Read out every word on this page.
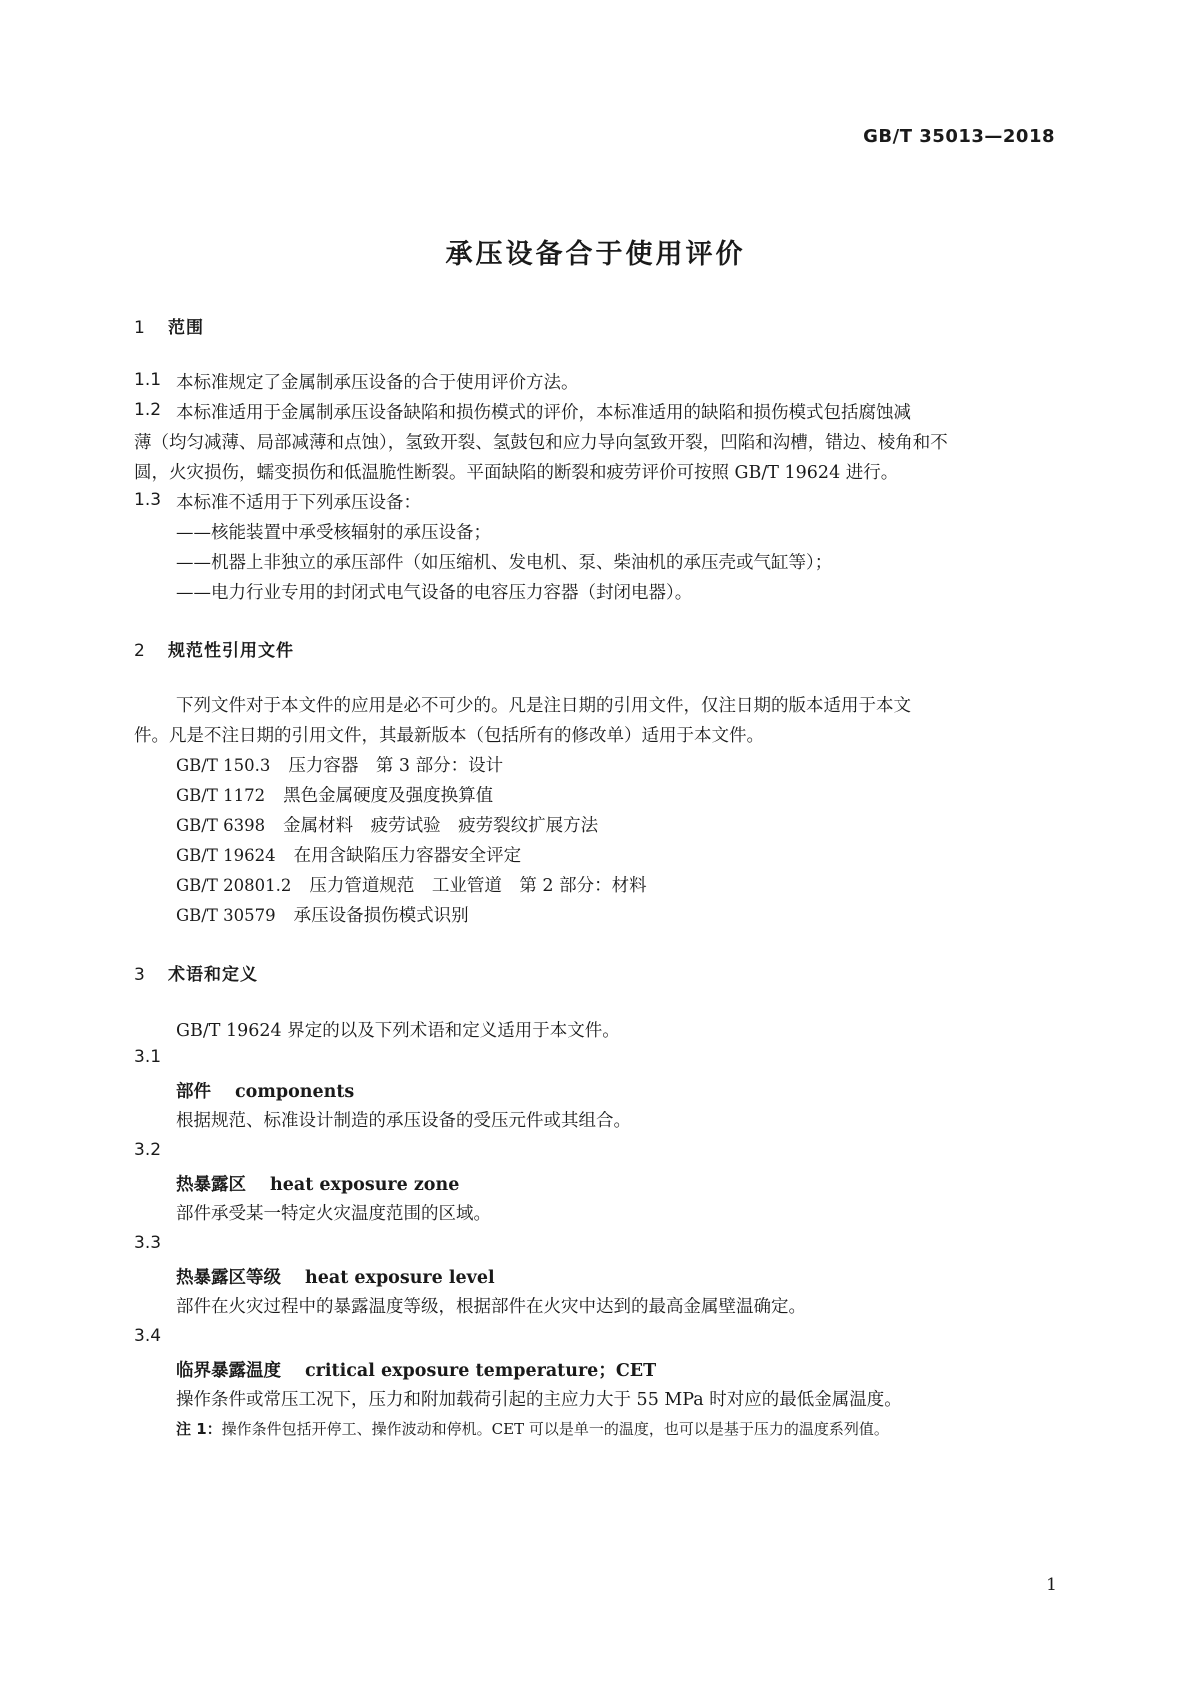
GB/T 35013—2018
承压设备合于使用评价
1 范围
1.1 本标准规定了金属制承压设备的合于使用评价方法。
1.2 本标准适用于金属制承压设备缺陷和损伤模式的评价，本标准适用的缺陷和损伤模式包括腐蚀减
薄（均匀减薄、局部减薄和点蚀），氢致开裂、氢鼓包和应力导向氢致开裂，凹陷和沟槽，错边、棱角和不
圆，火灾损伤，蠕变损伤和低温脆性断裂。平面缺陷的断裂和疲劳评价可按照 GB/T 19624 进行。
1.3 本标准不适用于下列承压设备：
——核能装置中承受核辐射的承压设备；
——机器上非独立的承压部件（如压缩机、发电机、泵、柴油机的承压壳或气缸等）；
——电力行业专用的封闭式电气设备的电容压力容器（封闭电器）。
2 规范性引用文件
下列文件对于本文件的应用是必不可少的。凡是注日期的引用文件，仅注日期的版本适用于本文
件。凡是不注日期的引用文件，其最新版本（包括所有的修改单）适用于本文件。
GB/T 150.3 压力容器　第 3 部分：设计
GB/T 1172 黑色金属硬度及强度换算值
GB/T 6398 金属材料　疲劳试验　疲劳裂纹扩展方法
GB/T 19624 在用含缺陷压力容器安全评定
GB/T 20801.2 压力管道规范　工业管道　第 2 部分：材料
GB/T 30579 承压设备损伤模式识别
3 术语和定义
GB/T 19624 界定的以及下列术语和定义适用于本文件。
3.1
部件 components
根据规范、标准设计制造的承压设备的受压元件或其组合。
3.2
热暴露区 heat exposure zone
部件承受某一特定火灾温度范围的区域。
3.3
热暴露区等级 heat exposure level
部件在火灾过程中的暴露温度等级，根据部件在火灾中达到的最高金属壁温确定。
3.4
临界暴露温度 critical exposure temperature；CET
操作条件或常压工况下，压力和附加载荷引起的主应力大于 55 MPa 时对应的最低金属温度。
注 1：操作条件包括开停工、操作波动和停机。CET 可以是单一的温度，也可以是基于压力的温度系列值。
1
